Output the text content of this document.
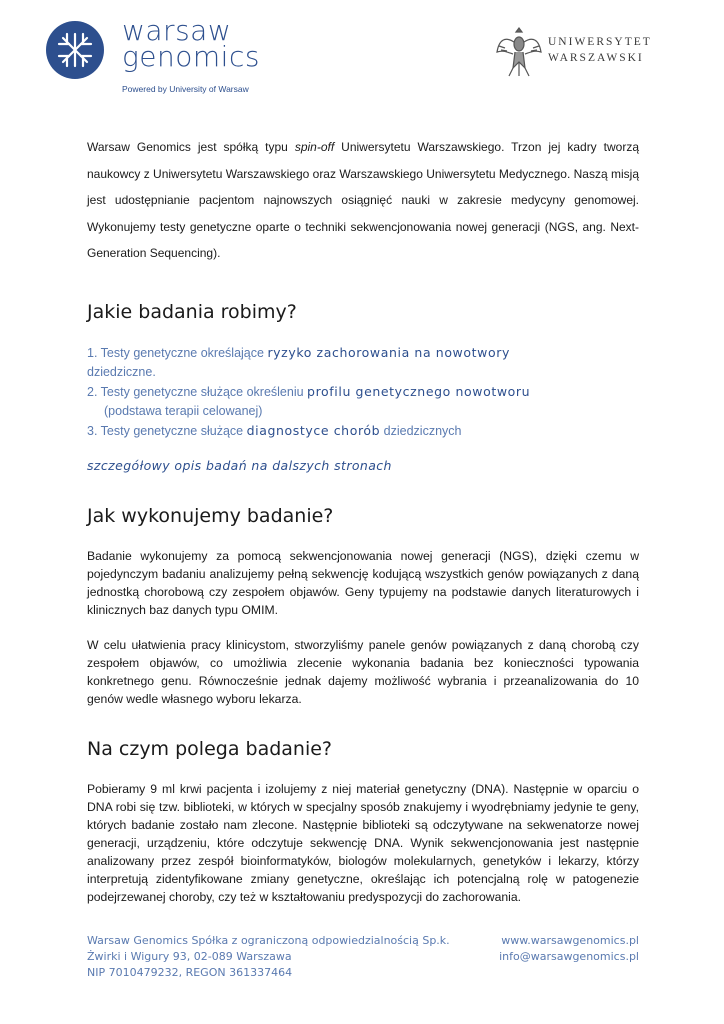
warsaw
genomics
Powered by University of Warsaw
UNIWERSYTET
WARSZAWSKI

Warsaw Genomics jest spółką typu spin-off Uniwersytetu Warszawskiego. Trzon jej kadry tworzą naukowcy z Uniwersytetu Warszawskiego oraz Warszawskiego Uniwersytetu Medycznego. Naszą misją jest udostępnianie pacjentom najnowszych osiągnięć nauki w zakresie medycyny genomowej. Wykonujemy testy genetyczne oparte o techniki sekwencjonowania nowej generacji (NGS, ang. Next-Generation Sequencing).

Jakie badania robimy?
1. Testy genetyczne określające ryzyko zachorowania na nowotwory
dziedziczne.
2. Testy genetyczne służące określeniu profilu genetycznego nowotworu
(podstawa terapii celowanej)
3. Testy genetyczne służące diagnostyce chorób dziedzicznych
szczegółowy opis badań na dalszych stronach
Jak wykonujemy badanie?

Badanie wykonujemy za pomocą sekwencjonowania nowej generacji (NGS), dzięki czemu w pojedynczym badaniu analizujemy pełną sekwencję kodującą wszystkich genów powiązanych z daną jednostką chorobową czy zespołem objawów. Geny typujemy na podstawie danych literaturowych i klinicznych baz danych typu OMIM.

W celu ułatwienia pracy klinicystom, stworzyliśmy panele genów powiązanych z daną chorobą czy zespołem objawów, co umożliwia zlecenie wykonania badania bez konieczności typowania konkretnego genu. Równocześnie jednak dajemy możliwość wybrania i przeanalizowania do 10 genów wedle własnego wyboru lekarza.

Na czym polega badanie?

Pobieramy 9 ml krwi pacjenta i izolujemy z niej materiał genetyczny (DNA). Następnie w oparciu o DNA robi się tzw. biblioteki, w których w specjalny sposób znakujemy i wyodrębniamy jedynie te geny, których badanie zostało nam zlecone. Następnie biblioteki są odczytywane na sekwenatorze nowej generacji, urządzeniu, które odczytuje sekwencję DNA. Wynik sekwencjonowania jest następnie analizowany przez zespół bioinformatyków, biologów molekularnych, genetyków i lekarzy, którzy interpretują zidentyfikowane zmiany genetyczne, określając ich potencjalną rolę w patogenezie podejrzewanej choroby, czy też w kształtowaniu predyspozycji do zachorowania.

Warsaw Genomics Spółka z ograniczoną odpowiedzialnością Sp.k.
Żwirki i Wigury 93, 02-089 Warszawa
NIP 7010479232, REGON 361337464
www.warsawgenomics.pl
info@warsawgenomics.pl
